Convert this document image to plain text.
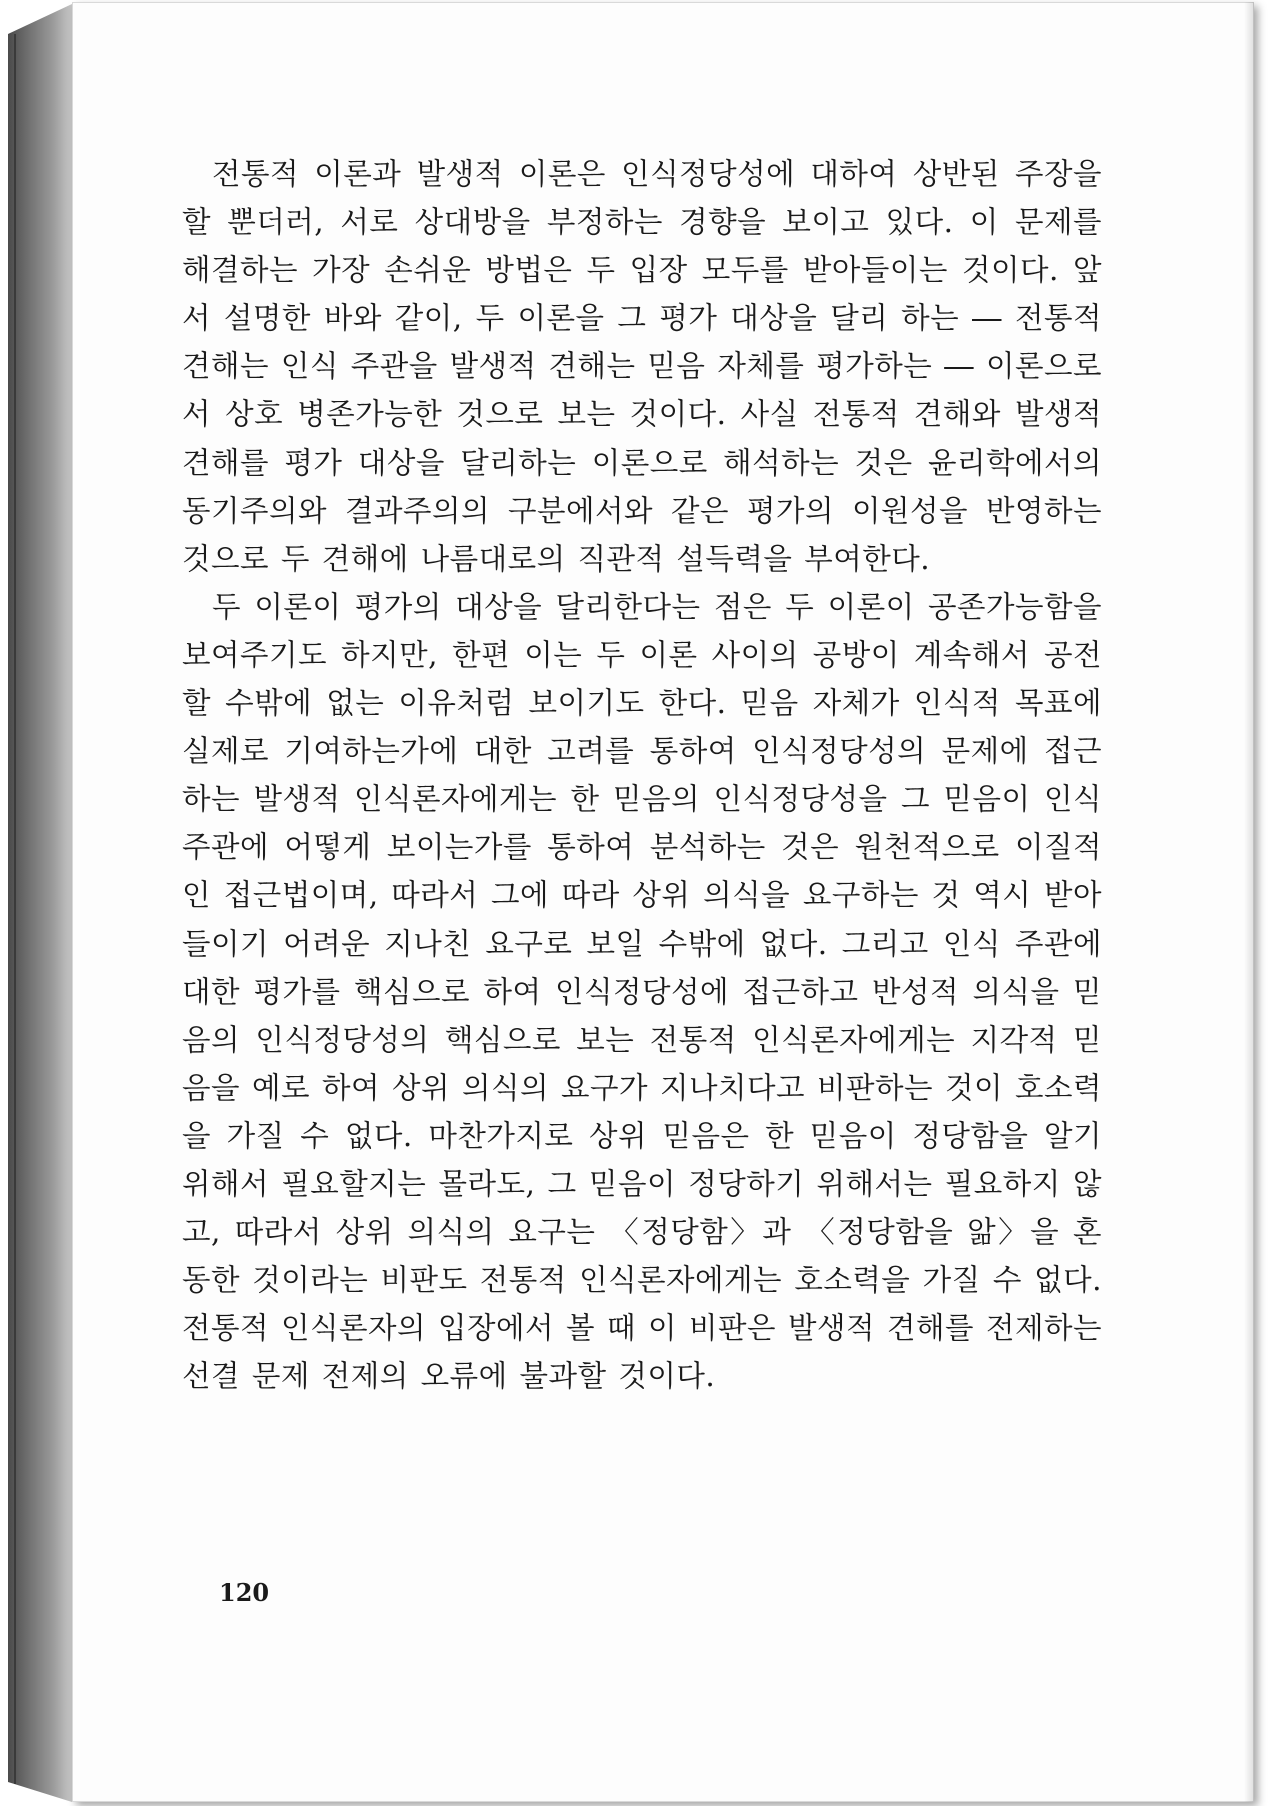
전통적 이론과 발생적 이론은 인식정당성에 대하여 상반된 주장을 할 뿐더러, 서로 상대방을 부정하는 경향을 보이고 있다. 이 문제를 해결하는 가장 손쉬운 방법은 두 입장 모두를 받아들이는 것이다. 앞서 설명한 바와 같이, 두 이론을 그 평가 대상을 달리 하는 ― 전통적 견해는 인식 주관을 발생적 견해는 믿음 자체를 평가하는 ― 이론으로서 상호 병존가능한 것으로 보는 것이다. 사실 전통적 견해와 발생적 견해를 평가 대상을 달리하는 이론으로 해석하는 것은 윤리학에서의 동기주의와 결과주의의 구분에서와 같은 평가의 이원성을 반영하는 것으로 두 견해에 나름대로의 직관적 설득력을 부여한다.

두 이론이 평가의 대상을 달리한다는 점은 두 이론이 공존가능함을 보여주기도 하지만, 한편 이는 두 이론 사이의 공방이 계속해서 공전할 수밖에 없는 이유처럼 보이기도 한다. 믿음 자체가 인식적 목표에 실제로 기여하는가에 대한 고려를 통하여 인식정당성의 문제에 접근하는 발생적 인식론자에게는 한 믿음의 인식정당성을 그 믿음이 인식 주관에 어떻게 보이는가를 통하여 분석하는 것은 원천적으로 이질적인 접근법이며, 따라서 그에 따라 상위 의식을 요구하는 것 역시 받아들이기 어려운 지나친 요구로 보일 수밖에 없다. 그리고 인식 주관에 대한 평가를 핵심으로 하여 인식정당성에 접근하고 반성적 의식을 믿음의 인식정당성의 핵심으로 보는 전통적 인식론자에게는 지각적 믿음을 예로 하여 상위 의식의 요구가 지나치다고 비판하는 것이 호소력을 가질 수 없다. 마찬가지로 상위 믿음은 한 믿음이 정당함을 알기 위해서 필요할지는 몰라도, 그 믿음이 정당하기 위해서는 필요하지 않고, 따라서 상위 의식의 요구는 〈정당함〉과 〈정당함을 앎〉을 혼동한 것이라는 비판도 전통적 인식론자에게는 호소력을 가질 수 없다. 전통적 인식론자의 입장에서 볼 때 이 비판은 발생적 견해를 전제하는 선결 문제 전제의 오류에 불과할 것이다.

120
